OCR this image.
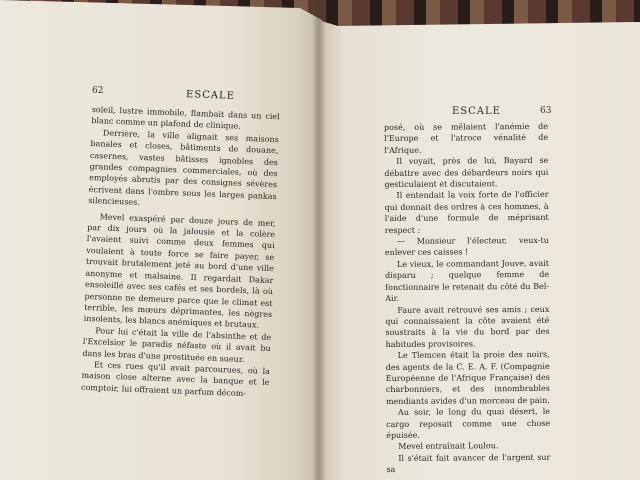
62	ESCALE

soleil, lustre immobile, flambait dans un ciel blanc comme un plafond de clinique.

Derrière, la ville alignait ses maisons banales et closes, bâtiments de douane, casernes, vastes bâtisses ignobles des grandes compagnies commerciales, où des employés abrutis par des consignes sévères écrivent dans l'ombre sous les larges pankas silencieuses.

Mevel exaspéré par douze jours de mer, par dix jours où la jalousie et la colère l'avaient suivi comme deux femmes qui voulaient à toute force se faire payer, se trouvait brutalement jeté au bord d'une ville anonyme et malsaine. Il regardait Dakar ensoleillé avec ses cafés et ses bordels, là où personne ne demeure parce que le climat est terrible, les mœurs déprimantes, les nègres insolents, les blancs anémiques et brutaux.

Pour lui c'était la ville de l'absinthe et de l'Excelsior le paradis néfaste où il avait bu dans les bras d'une prostituée en sueur.

Et ces rues qu'il avait parcourues, où la maison close alterne avec la banque et le comptoir, lui offraient un parfum décom-

ESCALE	63

posé, où se mêlaient l'anémie de l'Europe et l'atroce vénalité de l'Afrique.

Il voyait, près de lui, Bayard se débattre avec des débardeurs noirs qui gesticulaient et discutaient.

Il entendait la voix forte de l'officier qui donnait des ordres à ces hommes, à l'aide d'une formule de méprisant respect :

— Monsieur l'électeur, veux-tu enlever ces caisses !

Le vieux, le commandant Jouve, avait disparu ; quelque femme de fonctionnaire le retenait du côté du Bel-Air.

Faure avait retrouvé ses amis ; ceux qui connaissaient la côte avaient été soustraits à la vie du bord par des habitudes provisoires.

Le Tlemcen était la proie des noirs, des agents de la C. E. A. F. (Compagnie Européenne de l'Afrique Française) des charbonniers, et des innombrables mendiants avides d'un morceau de pain.

Au soir, le long du quai désert, le cargo reposait comme une chose épuisée.

Mevel entraînait Loulou.

Il s'était fait avancer de l'argent sur sa
